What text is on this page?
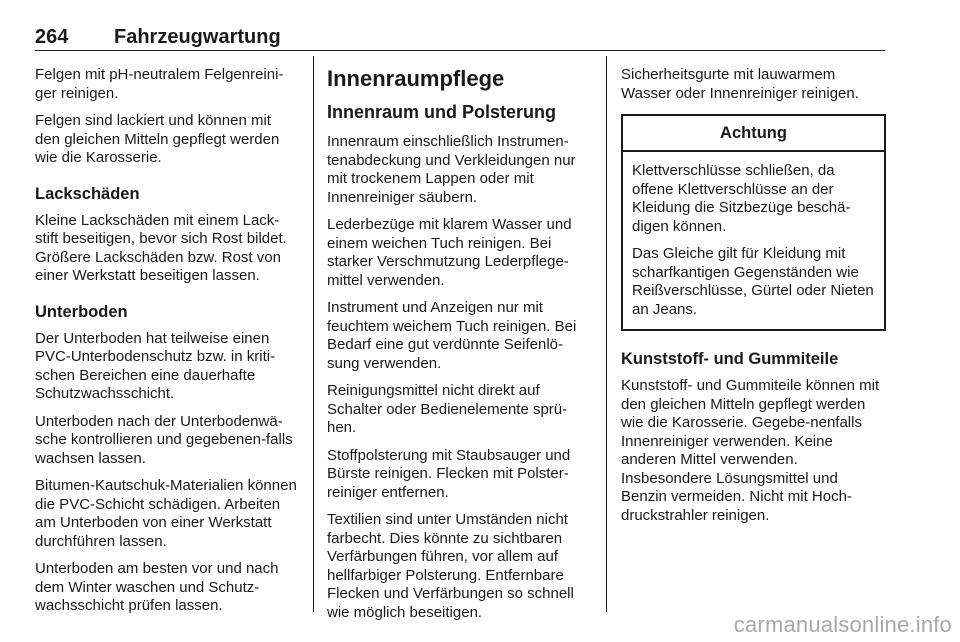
264 Fahrzeugwartung

Felgen mit pH-neutralem Felgenreini-ger reinigen.

Felgen sind lackiert und können mit den gleichen Mitteln gepflegt werden wie die Karosserie.

Lackschäden

Kleine Lackschäden mit einem Lack-stift beseitigen, bevor sich Rost bildet. Größere Lackschäden bzw. Rost von einer Werkstatt beseitigen lassen.

Unterboden

Der Unterboden hat teilweise einen PVC-Unterbodenschutz bzw. in kriti-schen Bereichen eine dauerhafte Schutzwachsschicht.

Unterboden nach der Unterbodenwä-sche kontrollieren und gegebenen-falls wachsen lassen.

Bitumen-Kautschuk-Materialien können die PVC-Schicht schädigen. Arbeiten am Unterboden von einer Werkstatt durchführen lassen.

Unterboden am besten vor und nach dem Winter waschen und Schutz-wachsschicht prüfen lassen.

Innenraumpflege
Innenraum und Polsterung

Innenraum einschließlich Instrumen-tenabdeckung und Verkleidungen nur mit trockenem Lappen oder mit Innenreiniger säubern.

Lederbezüge mit klarem Wasser und einem weichen Tuch reinigen. Bei starker Verschmutzung Lederpflege-mittel verwenden.

Instrument und Anzeigen nur mit feuchtem weichem Tuch reinigen. Bei Bedarf eine gut verdünnte Seifenlö-sung verwenden.

Reinigungsmittel nicht direkt auf Schalter oder Bedienelemente sprü-hen.

Stoffpolsterung mit Staubsauger und Bürste reinigen. Flecken mit Polster-reiniger entfernen.

Textilien sind unter Umständen nicht farbecht. Dies könnte zu sichtbaren Verfärbungen führen, vor allem auf hellfarbiger Polsterung. Entfernbare Flecken und Verfärbungen so schnell wie möglich beseitigen.

Sicherheitsgurte mit lauwarmem Wasser oder Innenreiniger reinigen.

Achtung

Klettverschlüsse schließen, da offene Klettverschlüsse an der Kleidung die Sitzbezüge beschä-digen können.

Das Gleiche gilt für Kleidung mit scharfkantigen Gegenständen wie Reißverschlüsse, Gürtel oder Nieten an Jeans.

Kunststoff- und Gummiteile

Kunststoff- und Gummiteile können mit den gleichen Mitteln gepflegt werden wie die Karosserie. Gegebe-nenfalls Innenreiniger verwenden. Keine anderen Mittel verwenden. Insbesondere Lösungsmittel und Benzin vermeiden. Nicht mit Hoch-druckstrahler reinigen.

carmanualsonline.info
